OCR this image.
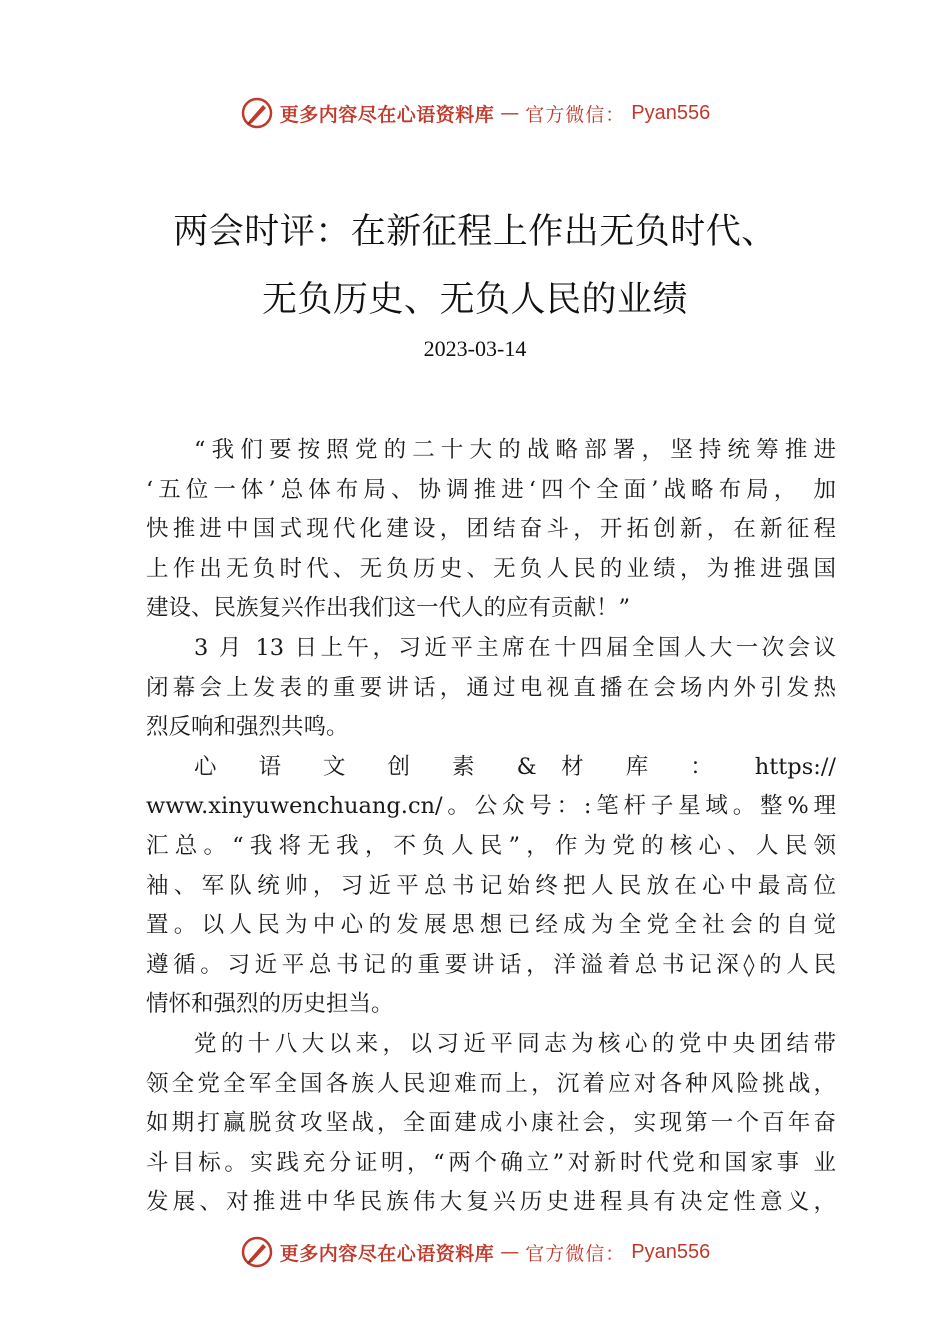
更多内容尽在心语资料库 — 官方微信： Pyan556
两会时评：在新征程上作出无负时代、
无负历史、无负人民的业绩
2023-03-14
“我们要按照党的二十大的战略部署，坚持统筹推进
‘五位一体’总体布局、协调推进‘四个全面’战略布局， 加
快推进中国式现代化建设，团结奋斗，开拓创新，在新征程
上作出无负时代、无负历史、无负人民的业绩，为推进强国
建设、民族复兴作出我们这一代人的应有贡献！”
3 月 13 日上午，习近平主席在十四届全国人大一次会议
闭幕会上发表的重要讲话，通过电视直播在会场内外引发热
烈反响和强烈共鸣。
心 语 文 创 素 & 材 库 ： https://
www.xinyuwenchuang.cn/。公众号：:笔杆子星域。整%理
汇总。“我将无我，不负人民”，作为党的核心、人民领
袖、军队统帅，习近平总书记始终把人民放在心中最高位
置。以人民为中心的发展思想已经成为全党全社会的自觉
遵循。习近平总书记的重要讲话，洋溢着总书记深◊的人民
情怀和强烈的历史担当。
党的十八大以来，以习近平同志为核心的党中央团结带
领全党全军全国各族人民迎难而上，沉着应对各种风险挑战，
如期打赢脱贫攻坚战，全面建成小康社会，实现第一个百年奋
斗目标。实践充分证明，“两个确立”对新时代党和国家事 业
发展、对推进中华民族伟大复兴历史进程具有决定性意义，
更多内容尽在心语资料库 — 官方微信： Pyan556
